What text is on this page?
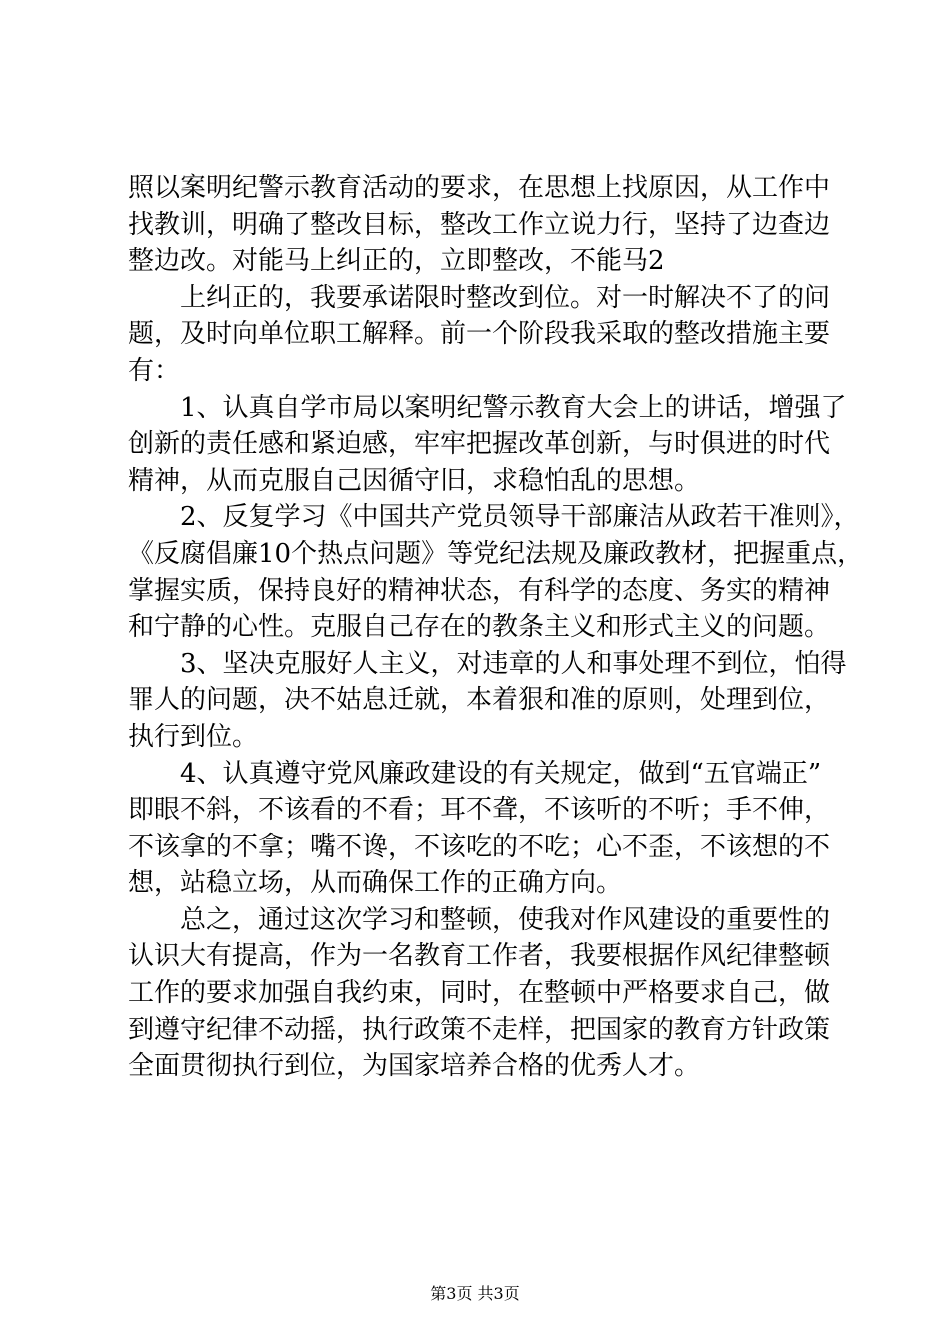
照以案明纪警示教育活动的要求，在思想上找原因，从工作中
找教训，明确了整改目标，整改工作立说力行，坚持了边查边
整边改。对能马上纠正的，立即整改，不能马2
上纠正的，我要承诺限时整改到位。对一时解决不了的问
题，及时向单位职工解释。前一个阶段我采取的整改措施主要
有：
1、认真自学市局以案明纪警示教育大会上的讲话，增强了
创新的责任感和紧迫感，牢牢把握改革创新，与时俱进的时代
精神，从而克服自己因循守旧，求稳怕乱的思想。
2、反复学习《中国共产党员领导干部廉洁从政若干准则》，
《反腐倡廉10个热点问题》等党纪法规及廉政教材，把握重点，
掌握实质，保持良好的精神状态，有科学的态度、务实的精神
和宁静的心性。克服自己存在的教条主义和形式主义的问题。
3、坚决克服好人主义，对违章的人和事处理不到位，怕得
罪人的问题，决不姑息迁就，本着狠和准的原则，处理到位，
执行到位。
4、认真遵守党风廉政建设的有关规定，做到“五官端正”
即眼不斜，不该看的不看；耳不聋，不该听的不听；手不伸，
不该拿的不拿；嘴不谗，不该吃的不吃；心不歪，不该想的不
想，站稳立场，从而确保工作的正确方向。
总之，通过这次学习和整顿，使我对作风建设的重要性的
认识大有提高，作为一名教育工作者，我要根据作风纪律整顿
工作的要求加强自我约束，同时，在整顿中严格要求自己，做
到遵守纪律不动摇，执行政策不走样，把国家的教育方针政策
全面贯彻执行到位，为国家培养合格的优秀人才。
第3页 共3页
